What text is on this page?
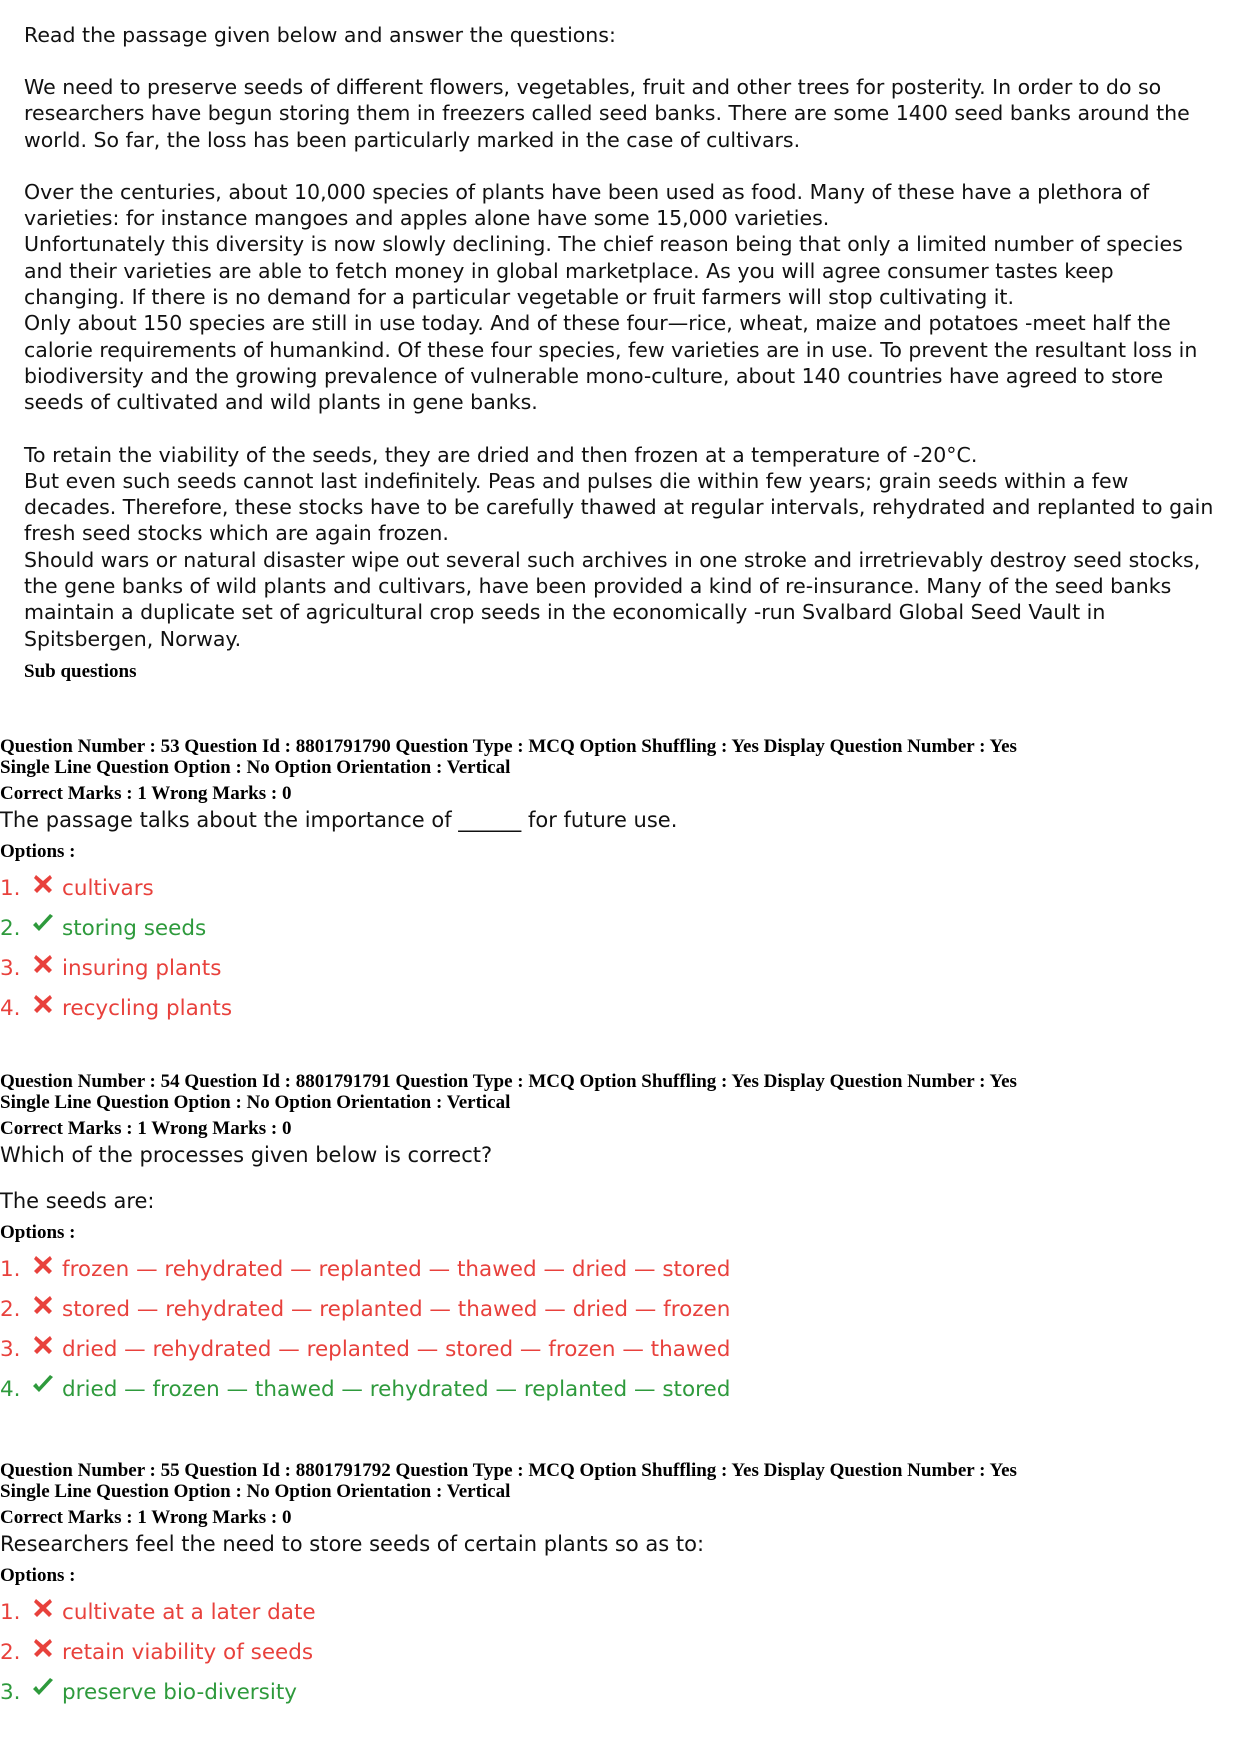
Read the passage given below and answer the questions:

We need to preserve seeds of different flowers, vegetables, fruit and other trees for posterity. In order to do so researchers have begun storing them in freezers called seed banks. There are some 1400 seed banks around the world. So far, the loss has been particularly marked in the case of cultivars.

Over the centuries, about 10,000 species of plants have been used as food. Many of these have a plethora of varieties: for instance mangoes and apples alone have some 15,000 varieties.

Unfortunately this diversity is now slowly declining. The chief reason being that only a limited number of species and their varieties are able to fetch money in global marketplace. As you will agree consumer tastes keep changing. If there is no demand for a particular vegetable or fruit farmers will stop cultivating it.

Only about 150 species are still in use today. And of these four—rice, wheat, maize and potatoes -meet half the calorie requirements of humankind. Of these four species, few varieties are in use. To prevent the resultant loss in biodiversity and the growing prevalence of vulnerable mono-culture, about 140 countries have agreed to store seeds of cultivated and wild plants in gene banks.

To retain the viability of the seeds, they are dried and then frozen at a temperature of -20°C.

But even such seeds cannot last indefinitely. Peas and pulses die within few years; grain seeds within a few decades. Therefore, these stocks have to be carefully thawed at regular intervals, rehydrated and replanted to gain fresh seed stocks which are again frozen.

Should wars or natural disaster wipe out several such archives in one stroke and irretrievably destroy seed stocks, the gene banks of wild plants and cultivars, have been provided a kind of re-insurance. Many of the seed banks maintain a duplicate set of agricultural crop seeds in the economically -run Svalbard Global Seed Vault in Spitsbergen, Norway.

Sub questions

Question Number : 53 Question Id : 8801791790 Question Type : MCQ Option Shuffling : Yes Display Question Number : Yes

Single Line Question Option : No Option Orientation : Vertical

Correct Marks : 1 Wrong Marks : 0

The passage talks about the importance of ______ for future use.

Options :

1.	cultivars
2.	storing seeds
3.	insuring plants
4.	recycling plants

Question Number : 54 Question Id : 8801791791 Question Type : MCQ Option Shuffling : Yes Display Question Number : Yes

Single Line Question Option : No Option Orientation : Vertical

Correct Marks : 1 Wrong Marks : 0

Which of the processes given below is correct?

The seeds are:

Options :

1.	frozen — rehydrated — replanted — thawed — dried — stored
2.	stored — rehydrated — replanted — thawed — dried — frozen
3.	dried — rehydrated — replanted — stored — frozen — thawed
4.	dried — frozen — thawed — rehydrated — replanted — stored

Question Number : 55 Question Id : 8801791792 Question Type : MCQ Option Shuffling : Yes Display Question Number : Yes

Single Line Question Option : No Option Orientation : Vertical

Correct Marks : 1 Wrong Marks : 0

Researchers feel the need to store seeds of certain plants so as to:

Options :

1.	cultivate at a later date
2.	retain viability of seeds
3.	preserve bio-diversity
